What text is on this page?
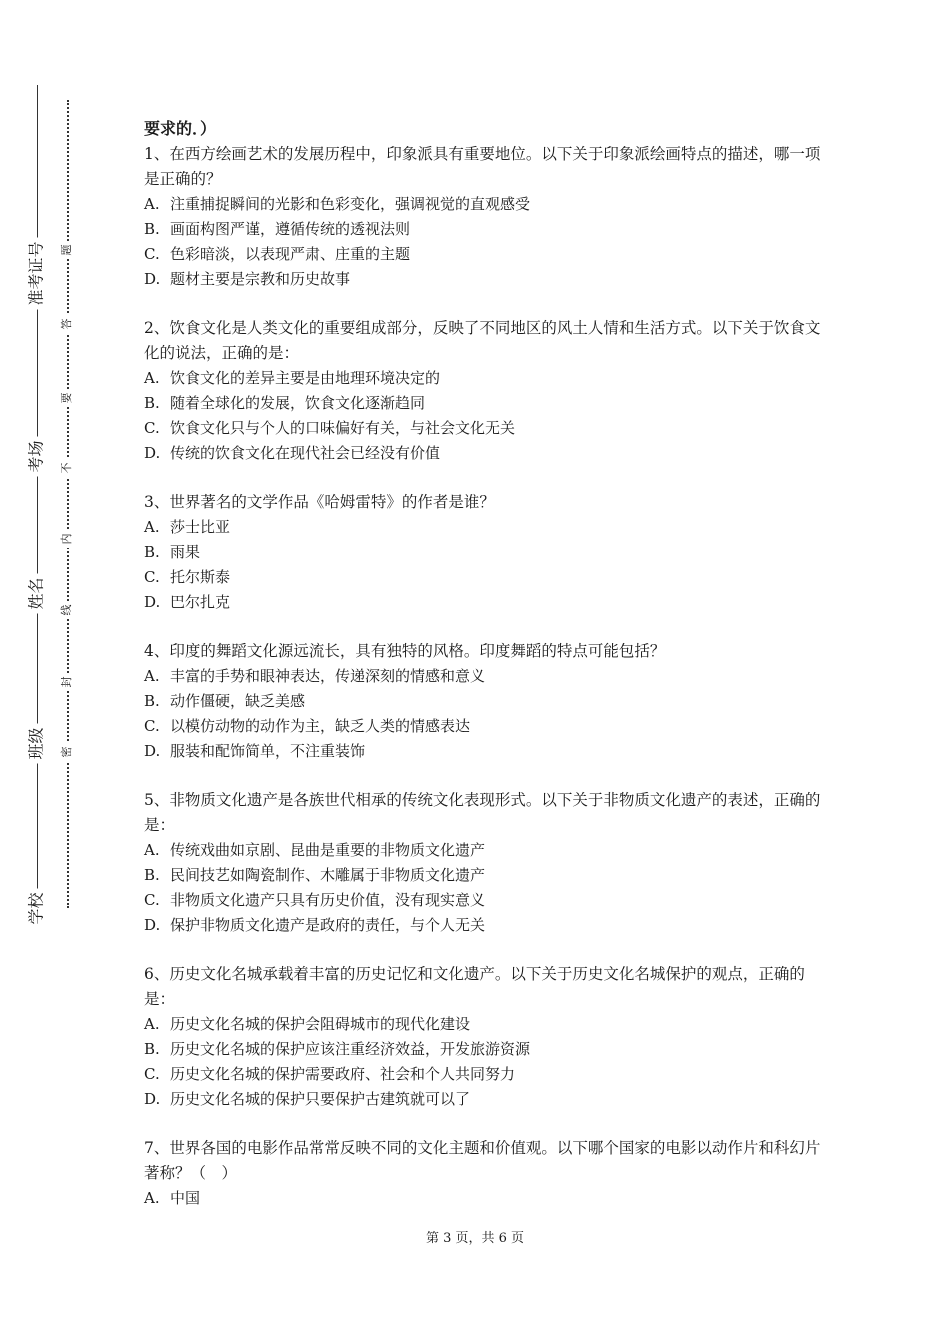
准考证号
考场
姓名
班级
学校
题
答
要
不
内
线
封
密
要求的．）

1、在西方绘画艺术的发展历程中，印象派具有重要地位。以下关于印象派绘画特点的描述，哪一项是正确的？

A. 注重捕捉瞬间的光影和色彩变化，强调视觉的直观感受

B. 画面构图严谨，遵循传统的透视法则

C. 色彩暗淡，以表现严肃、庄重的主题

D. 题材主要是宗教和历史故事

2、饮食文化是人类文化的重要组成部分，反映了不同地区的风土人情和生活方式。以下关于饮食文化的说法，正确的是：

A. 饮食文化的差异主要是由地理环境决定的

B. 随着全球化的发展，饮食文化逐渐趋同

C. 饮食文化只与个人的口味偏好有关，与社会文化无关

D. 传统的饮食文化在现代社会已经没有价值

3、世界著名的文学作品《哈姆雷特》的作者是谁？

A. 莎士比亚

B. 雨果

C. 托尔斯泰

D. 巴尔扎克

4、印度的舞蹈文化源远流长，具有独特的风格。印度舞蹈的特点可能包括？

A. 丰富的手势和眼神表达，传递深刻的情感和意义

B. 动作僵硬，缺乏美感

C. 以模仿动物的动作为主，缺乏人类的情感表达

D. 服装和配饰简单，不注重装饰

5、非物质文化遗产是各族世代相承的传统文化表现形式。以下关于非物质文化遗产的表述，正确的是：

A. 传统戏曲如京剧、昆曲是重要的非物质文化遗产

B. 民间技艺如陶瓷制作、木雕属于非物质文化遗产

C. 非物质文化遗产只具有历史价值，没有现实意义

D. 保护非物质文化遗产是政府的责任，与个人无关

6、历史文化名城承载着丰富的历史记忆和文化遗产。以下关于历史文化名城保护的观点，正确的是：

A. 历史文化名城的保护会阻碍城市的现代化建设

B. 历史文化名城的保护应该注重经济效益，开发旅游资源

C. 历史文化名城的保护需要政府、社会和个人共同努力

D. 历史文化名城的保护只要保护古建筑就可以了

7、世界各国的电影作品常常反映不同的文化主题和价值观。以下哪个国家的电影以动作片和科幻片著称？（　）

A. 中国

第 3 页，共 6 页
